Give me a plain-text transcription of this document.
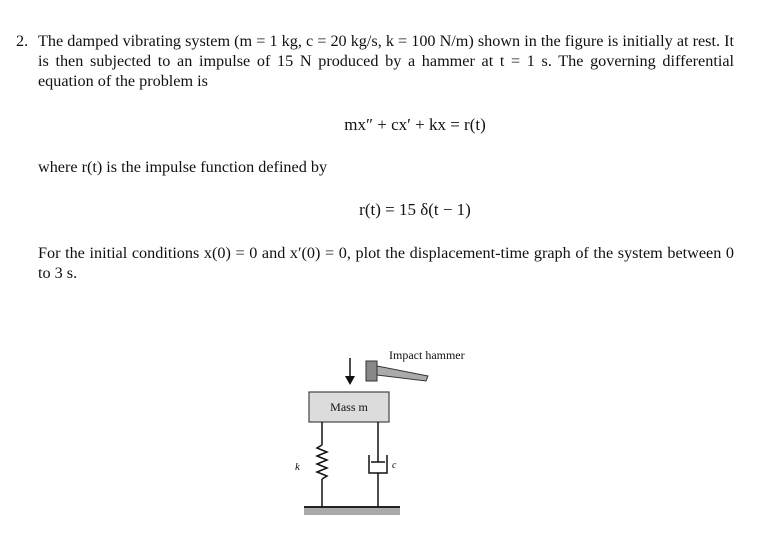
2. The damped vibrating system (m = 1 kg, c = 20 kg/s, k = 100 N/m) shown in the figure is initially at rest. It is then subjected to an impulse of 15 N produced by a hammer at t = 1 s. The governing differential equation of the problem is

mx″ + cx′ + kx = r(t)

where r(t) is the impulse function defined by

r(t) = 15 δ(t − 1)

For the initial conditions x(0) = 0 and x′(0) = 0, plot the displacement-time graph of the system between 0 to 3 s.

Mass m
Impact hammer
k	c
